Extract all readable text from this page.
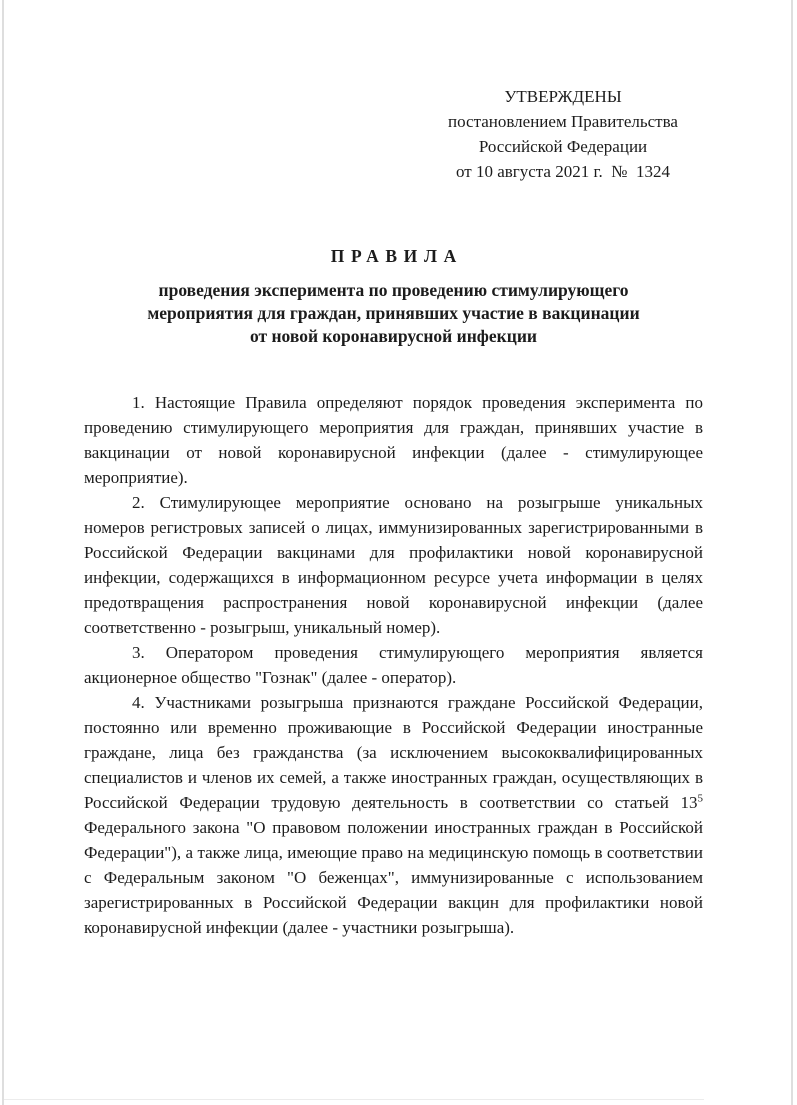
УТВЕРЖДЕНЫ
постановлением Правительства
Российской Федерации
от 10 августа 2021 г.  №  1324
ПРАВИЛА
проведения эксперимента по проведению стимулирующего
мероприятия для граждан, принявших участие в вакцинации
от новой коронавирусной инфекции

1. Настоящие Правила определяют порядок проведения эксперимента по проведению стимулирующего мероприятия для граждан, принявших участие в вакцинации от новой коронавирусной инфекции (далее - стимулирующее мероприятие).

2. Стимулирующее мероприятие основано на розыгрыше уникальных номеров регистровых записей о лицах, иммунизированных зарегистрированными в Российской Федерации вакцинами для профилактики новой коронавирусной инфекции, содержащихся в информационном ресурсе учета информации в целях предотвращения распространения новой коронавирусной инфекции (далее соответственно - розыгрыш, уникальный номер).

3. Оператором проведения стимулирующего мероприятия является акционерное общество "Гознак" (далее - оператор).

4. Участниками розыгрыша признаются граждане Российской Федерации, постоянно или временно проживающие в Российской Федерации иностранные граждане, лица без гражданства (за исключением высококвалифицированных специалистов и членов их семей, а также иностранных граждан, осуществляющих в Российской Федерации трудовую деятельность в соответствии со статьей $13^5$ Федерального закона "О правовом положении иностранных граждан в Российской Федерации"), а также лица, имеющие право на медицинскую помощь в соответствии с Федеральным законом "О беженцах", иммунизированные с использованием зарегистрированных в Российской Федерации вакцин для профилактики новой коронавирусной инфекции (далее - участники розыгрыша).
